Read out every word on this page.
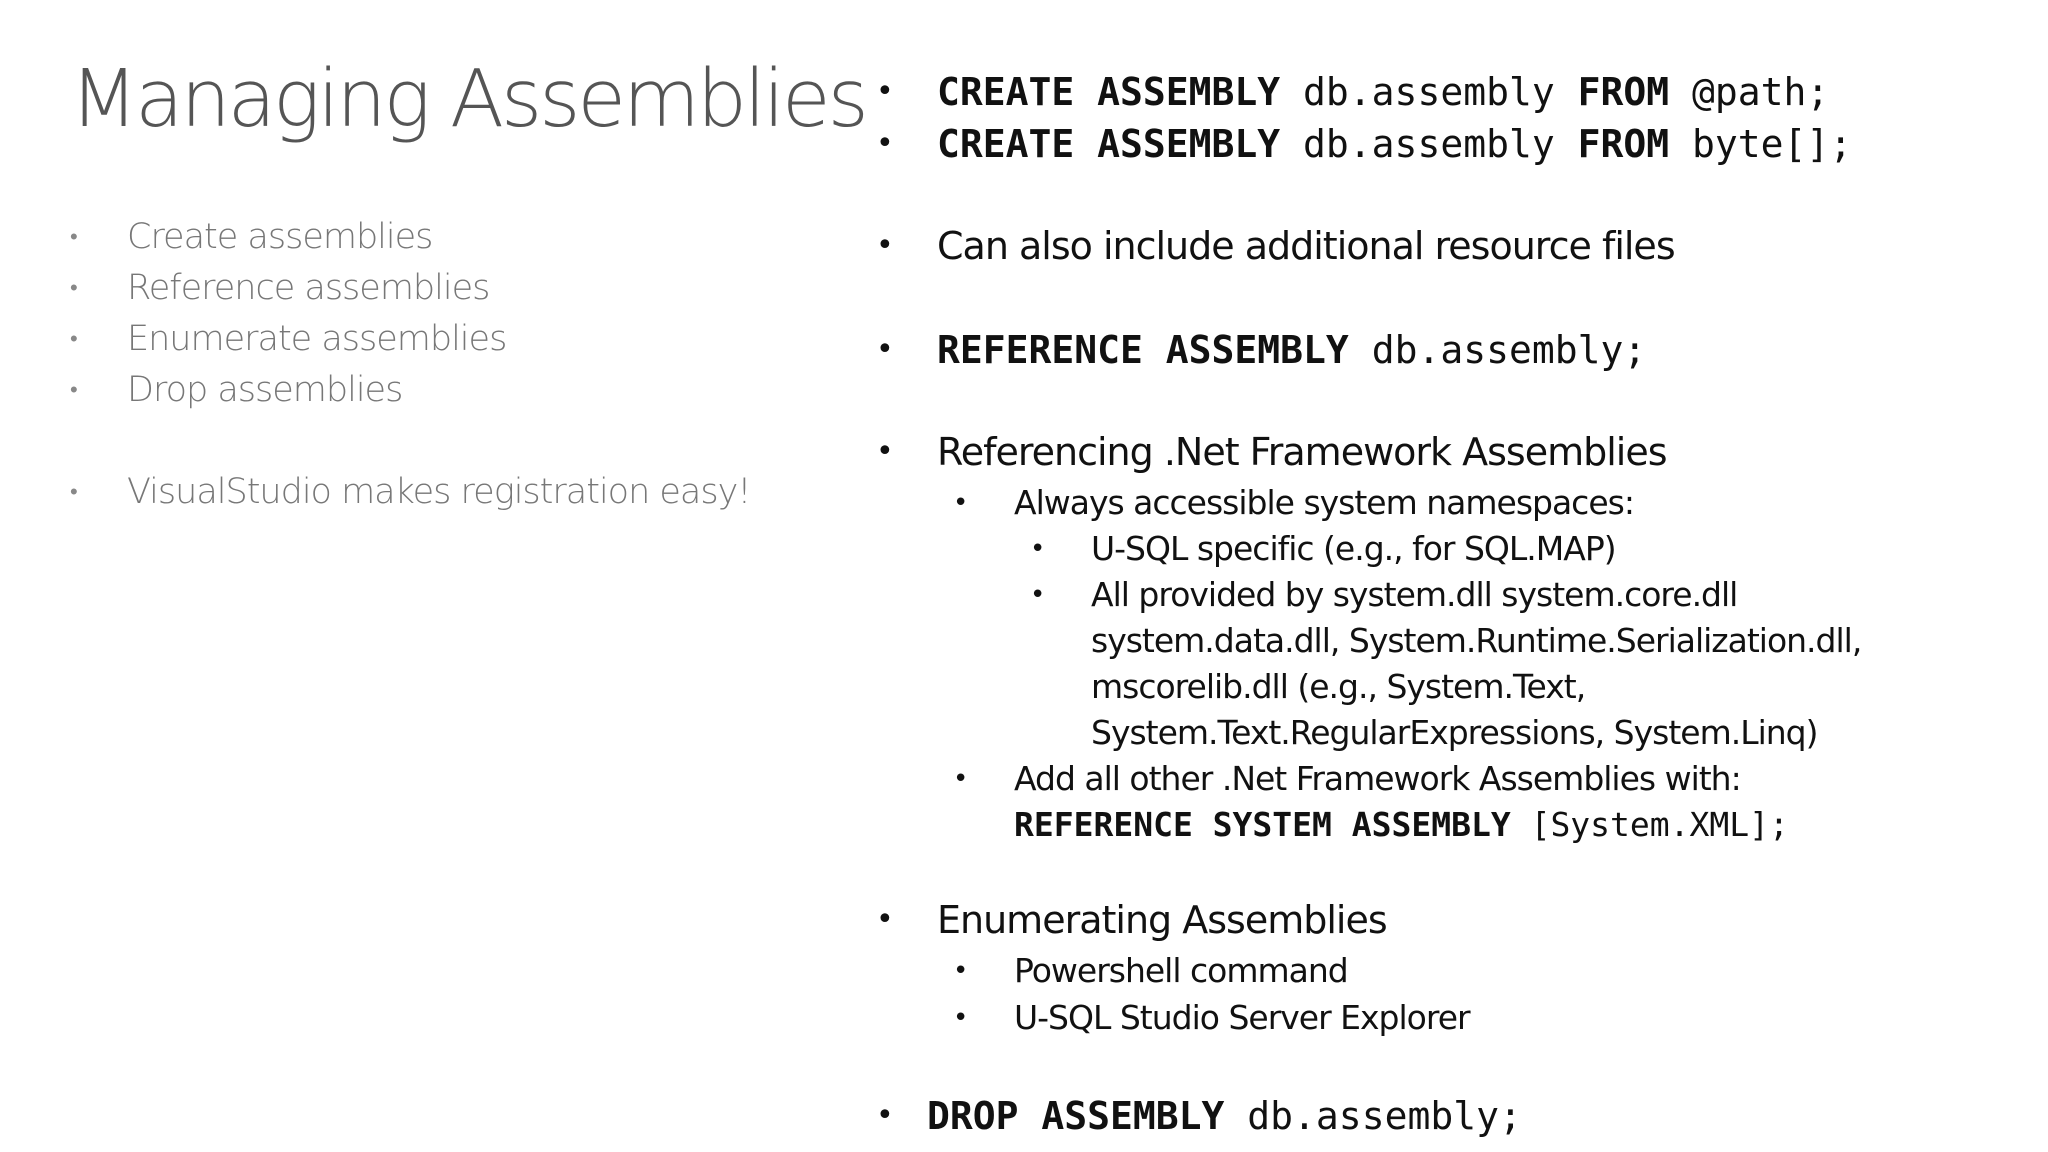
Managing Assemblies
• Create assemblies
• Reference assemblies
• Enumerate assemblies
• Drop assemblies
• VisualStudio makes registration easy!
• CREATE ASSEMBLY db.assembly FROM @path;
• CREATE ASSEMBLY db.assembly FROM byte[];
• Can also include additional resource files
• REFERENCE ASSEMBLY db.assembly;
• Referencing .Net Framework Assemblies
• Always accessible system namespaces:
• U-SQL specific (e.g., for SQL.MAP)
• All provided by system.dll system.core.dll
system.data.dll, System.Runtime.Serialization.dll,
mscorelib.dll (e.g., System.Text,
System.Text.RegularExpressions, System.Linq)
• Add all other .Net Framework Assemblies with:
REFERENCE SYSTEM ASSEMBLY [System.XML];
• Enumerating Assemblies
• Powershell command
• U-SQL Studio Server Explorer
• DROP ASSEMBLY db.assembly;
